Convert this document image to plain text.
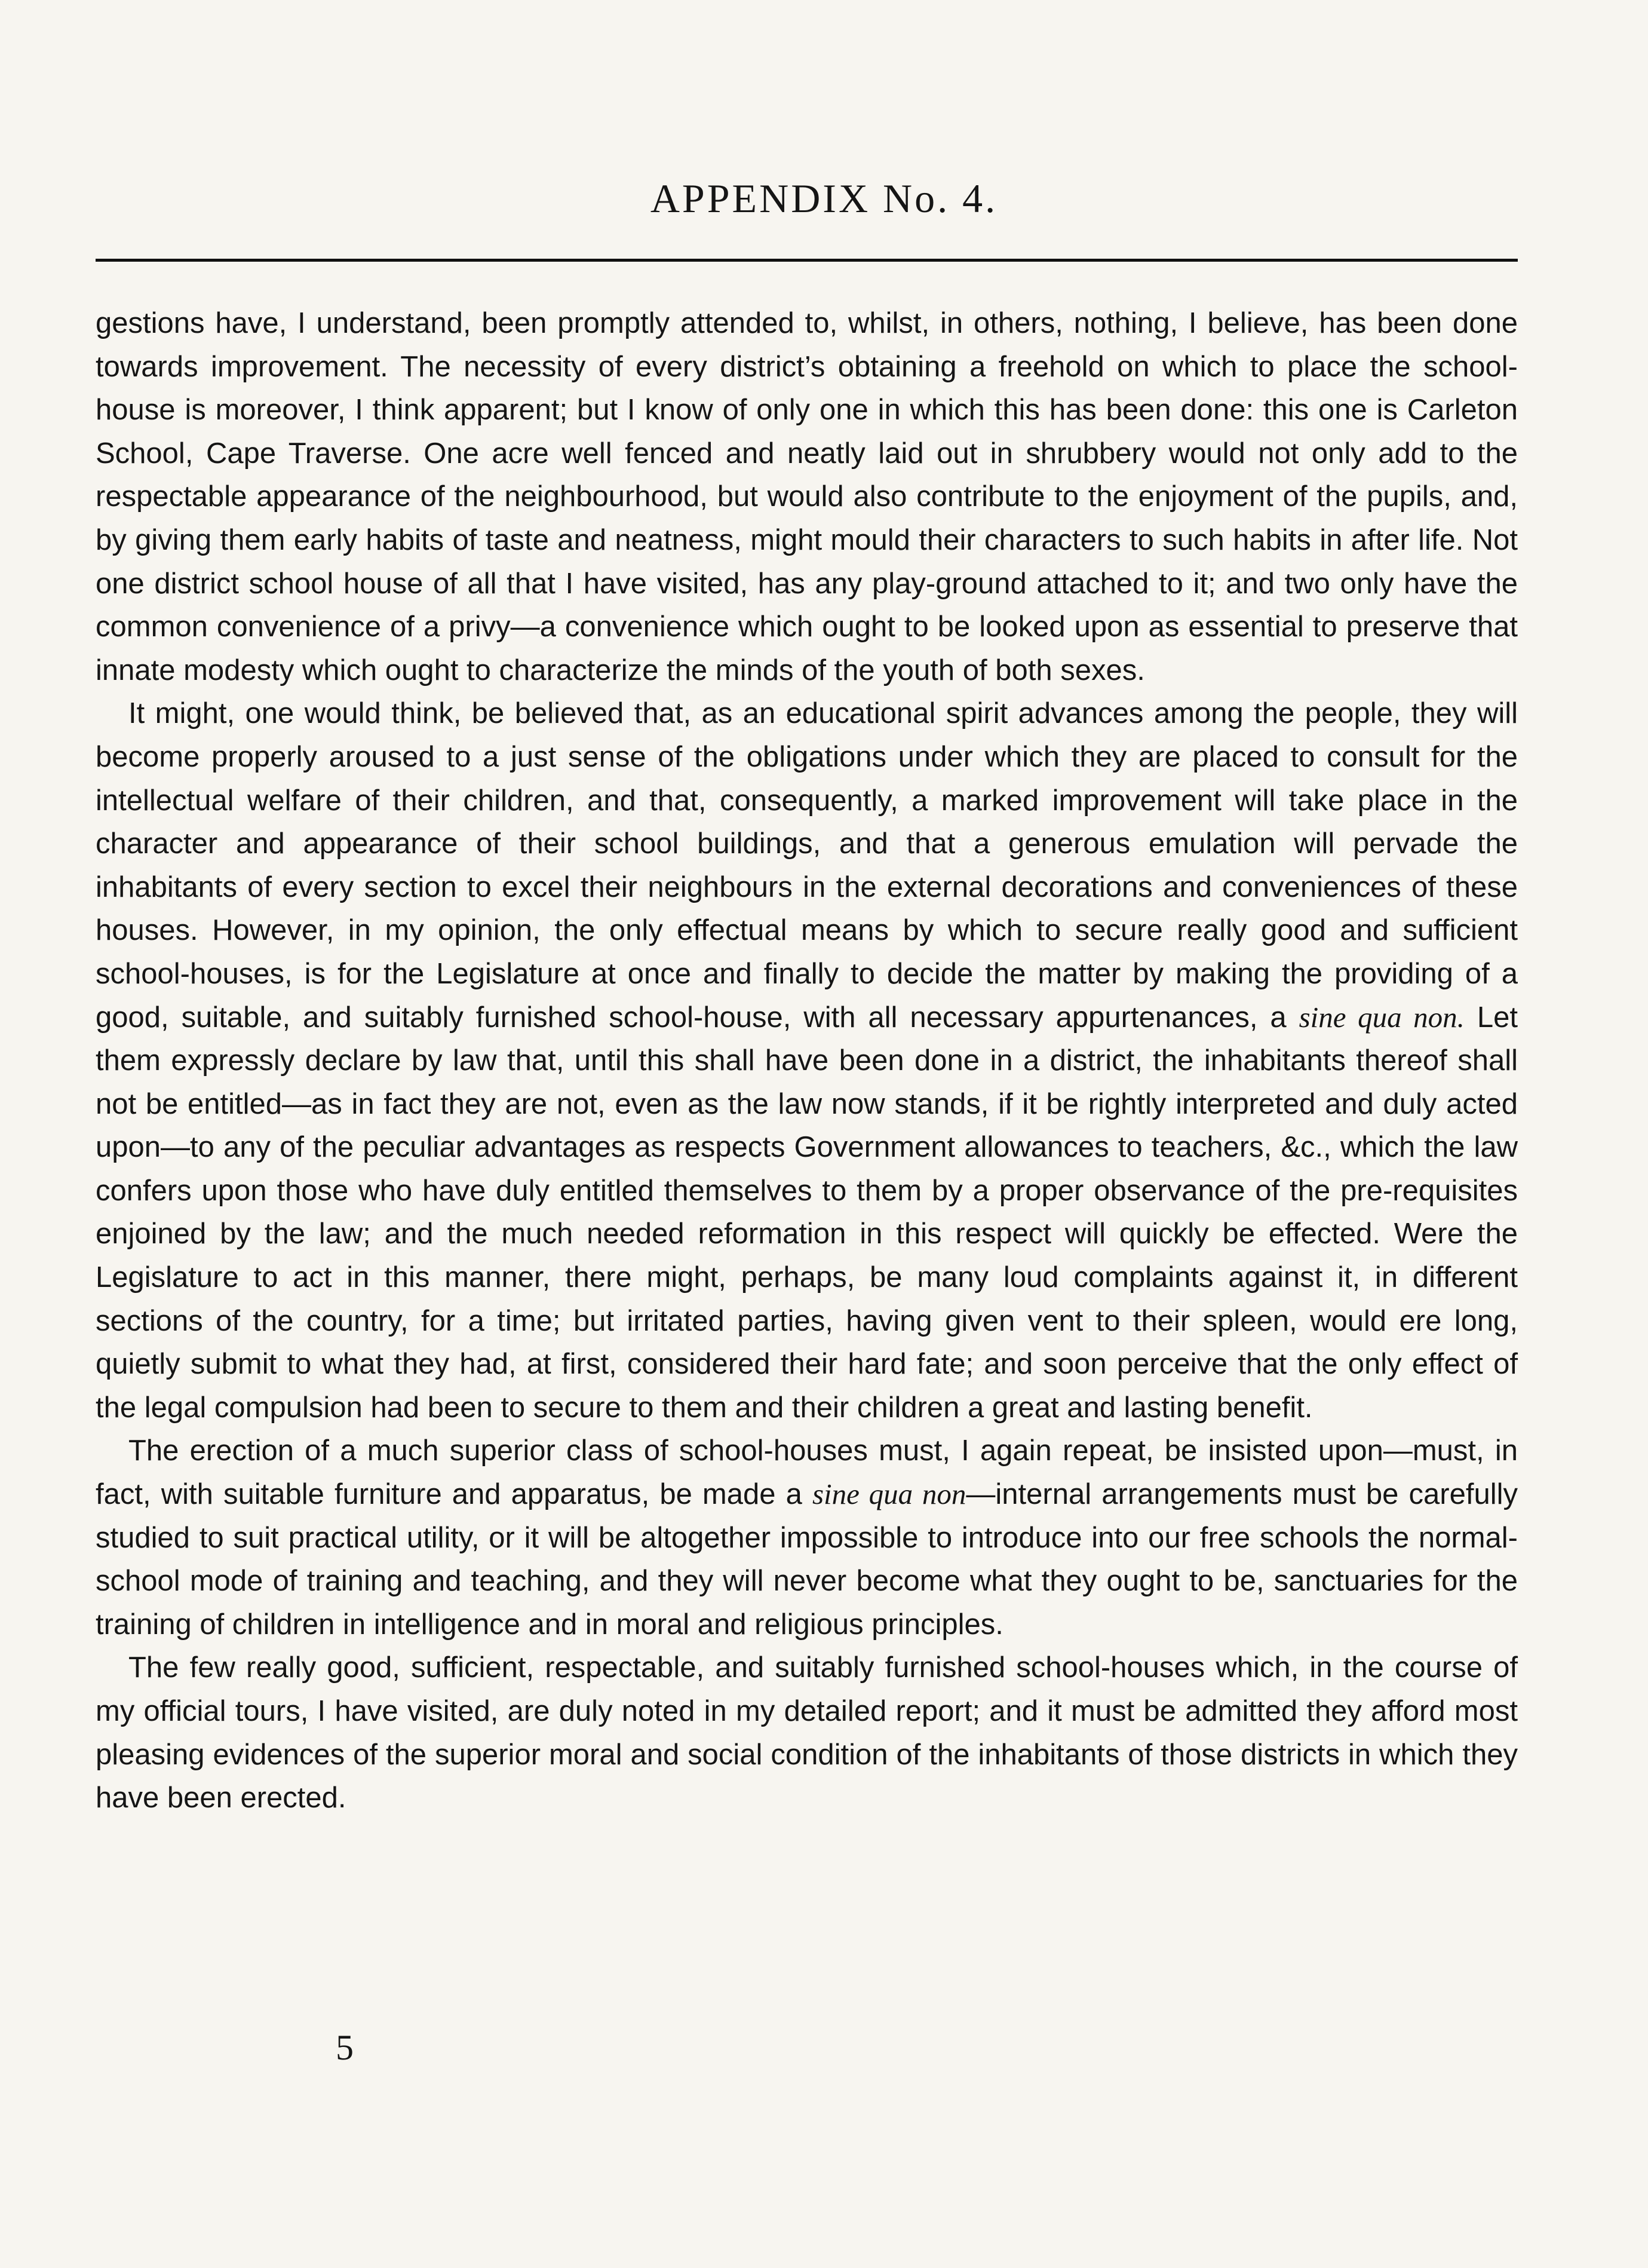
APPENDIX No. 4.

gestions have, I understand, been promptly attended to, whilst, in others, nothing, I believe, has been done towards improvement. The necessity of every district’s obtaining a freehold on which to place the school-house is moreover, I think apparent; but I know of only one in which this has been done: this one is Carleton School, Cape Traverse. One acre well fenced and neatly laid out in shrubbery would not only add to the respectable appearance of the neighbourhood, but would also contribute to the enjoyment of the pupils, and, by giving them early habits of taste and neatness, might mould their characters to such habits in after life. Not one district school house of all that I have visited, has any play-ground attached to it; and two only have the common convenience of a privy—a convenience which ought to be looked upon as essential to preserve that innate modesty which ought to characterize the minds of the youth of both sexes.

It might, one would think, be believed that, as an educational spirit advances among the people, they will become properly aroused to a just sense of the obligations under which they are placed to consult for the intellectual welfare of their children, and that, consequently, a marked improvement will take place in the character and appearance of their school buildings, and that a generous emulation will pervade the inhabitants of every section to excel their neighbours in the external decorations and conveniences of these houses. However, in my opinion, the only effectual means by which to secure really good and sufficient school-houses, is for the Legislature at once and finally to decide the matter by making the providing of a good, suitable, and suitably furnished school-house, with all necessary appurtenances, a sine qua non. Let them expressly declare by law that, until this shall have been done in a district, the inhabitants thereof shall not be entitled—as in fact they are not, even as the law now stands, if it be rightly interpreted and duly acted upon—to any of the peculiar advantages as respects Government allowances to teachers, &c., which the law confers upon those who have duly entitled themselves to them by a proper observance of the pre-requisites enjoined by the law; and the much needed reformation in this respect will quickly be effected. Were the Legislature to act in this manner, there might, perhaps, be many loud complaints against it, in different sections of the country, for a time; but irritated parties, having given vent to their spleen, would ere long, quietly submit to what they had, at first, considered their hard fate; and soon perceive that the only effect of the legal compulsion had been to secure to them and their children a great and lasting benefit.

The erection of a much superior class of school-houses must, I again repeat, be insisted upon—must, in fact, with suitable furniture and apparatus, be made a sine qua non—internal arrangements must be carefully studied to suit practical utility, or it will be altogether impossible to introduce into our free schools the normal-school mode of training and teaching, and they will never become what they ought to be, sanctuaries for the training of children in intelligence and in moral and religious principles.

The few really good, sufficient, respectable, and suitably furnished school-houses which, in the course of my official tours, I have visited, are duly noted in my detailed report; and it must be admitted they afford most pleasing evidences of the superior moral and social condition of the inhabitants of those districts in which they have been erected.

5
